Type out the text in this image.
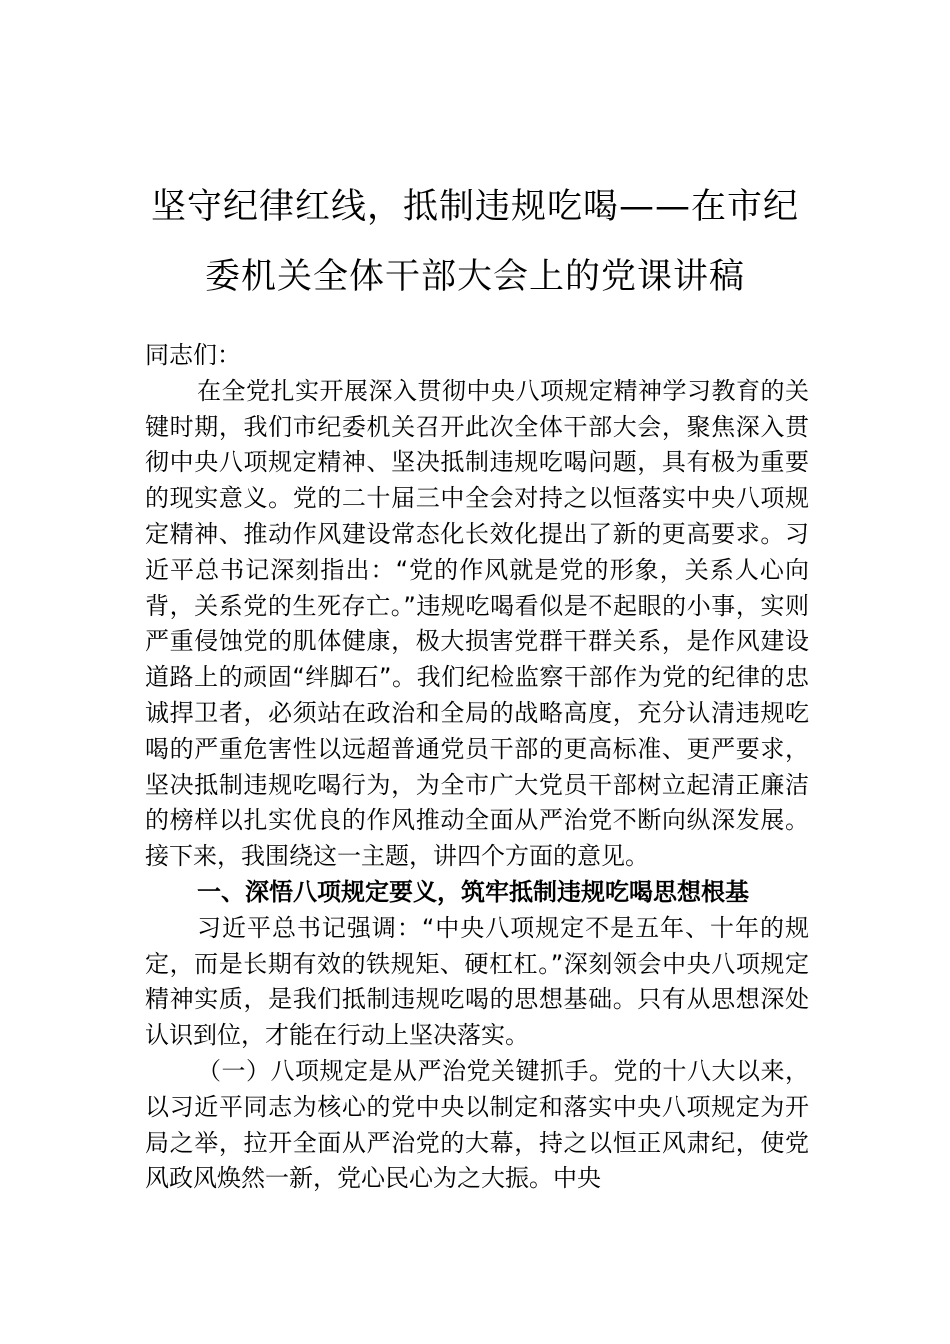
坚守纪律红线，抵制违规吃喝——在市纪
委机关全体干部大会上的党课讲稿

同志们：

在全党扎实开展深入贯彻中央八项规定精神学习教育的关键时期，我们市纪委机关召开此次全体干部大会，聚焦深入贯彻中央八项规定精神、坚决抵制违规吃喝问题，具有极为重要的现实意义。党的二十届三中全会对持之以恒落实中央八项规定精神、推动作风建设常态化长效化提出了新的更高要求。习近平总书记深刻指出：“党的作风就是党的形象，关系人心向背，关系党的生死存亡。”违规吃喝看似是不起眼的小事，实则严重侵蚀党的肌体健康，极大损害党群干群关系，是作风建设道路上的顽固“绊脚石”。我们纪检监察干部作为党的纪律的忠诚捍卫者，必须站在政治和全局的战略高度，充分认清违规吃喝的严重危害性以远超普通党员干部的更高标准、更严要求，坚决抵制违规吃喝行为，为全市广大党员干部树立起清正廉洁的榜样以扎实优良的作风推动全面从严治党不断向纵深发展。接下来，我围绕这一主题，讲四个方面的意见。

一、深悟八项规定要义，筑牢抵制违规吃喝思想根基

习近平总书记强调：“中央八项规定不是五年、十年的规定，而是长期有效的铁规矩、硬杠杠。”深刻领会中央八项规定精神实质，是我们抵制违规吃喝的思想基础。只有从思想深处认识到位，才能在行动上坚决落实。

（一）八项规定是从严治党关键抓手。党的十八大以来，以习近平同志为核心的党中央以制定和落实中央八项规定为开局之举，拉开全面从严治党的大幕，持之以恒正风肃纪，使党风政风焕然一新，党心民心为之大振。中央
